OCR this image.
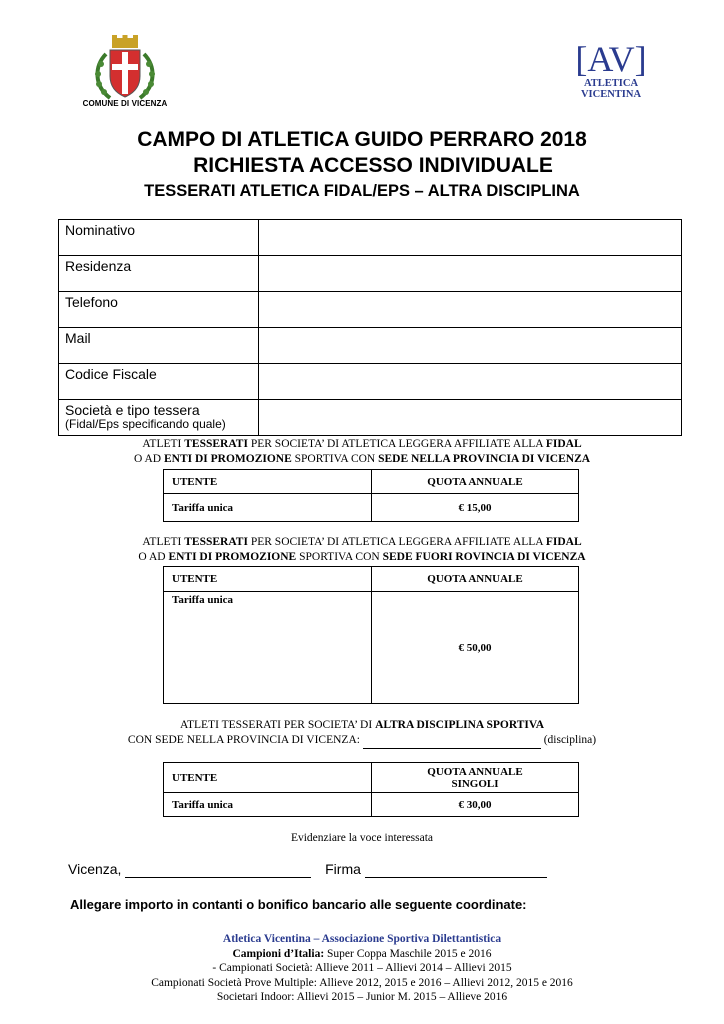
COMUNE DI VICENZA
[AV]
ATLETICA
VICENTINA
CAMPO DI ATLETICA GUIDO PERRARO 2018
RICHIESTA ACCESSO INDIVIDUALE
TESSERATI ATLETICA FIDAL/EPS – ALTRA DISCIPLINA
Nominativo	
Residenza	
Telefono	
Mail	
Codice Fiscale	
Società e tipo tessera
(Fidal/Eps specificando quale)	

ATLETI TESSERATI PER SOCIETA’ DI ATLETICA LEGGERA AFFILIATE ALLA FIDAL
O AD ENTI DI PROMOZIONE SPORTIVA CON SEDE NELLA PROVINCIA DI VICENZA
UTENTE	QUOTA ANNUALE
Tariffa unica	€ 15,00
ATLETI TESSERATI PER SOCIETA’ DI ATLETICA LEGGERA AFFILIATE ALLA FIDAL
O AD ENTI DI PROMOZIONE SPORTIVA CON SEDE FUORI ROVINCIA DI VICENZA
UTENTE	QUOTA ANNUALE
Tariffa unica	€ 50,00
ATLETI TESSERATI PER SOCIETA’ DI ALTRA DISCIPLINA SPORTIVA
CON SEDE NELLA PROVINCIA DI VICENZA:	(disciplina)
UTENTE	QUOTA ANNUALE
SINGOLI
Tariffa unica	€ 30,00
Evidenziare la voce interessata
Vicenza,	Firma
Allegare importo in contanti o bonifico bancario alle seguente coordinate:
Atletica Vicentina – Associazione Sportiva Dilettantistica
Campioni d’Italia: Super Coppa Maschile 2015 e 2016
- Campionati Società: Allieve 2011 – Allievi 2014 – Allievi 2015
Campionati Società Prove Multiple: Allieve 2012, 2015 e 2016 – Allievi 2012, 2015 e 2016
Societari Indoor: Allievi 2015 – Junior M. 2015 – Allieve 2016
